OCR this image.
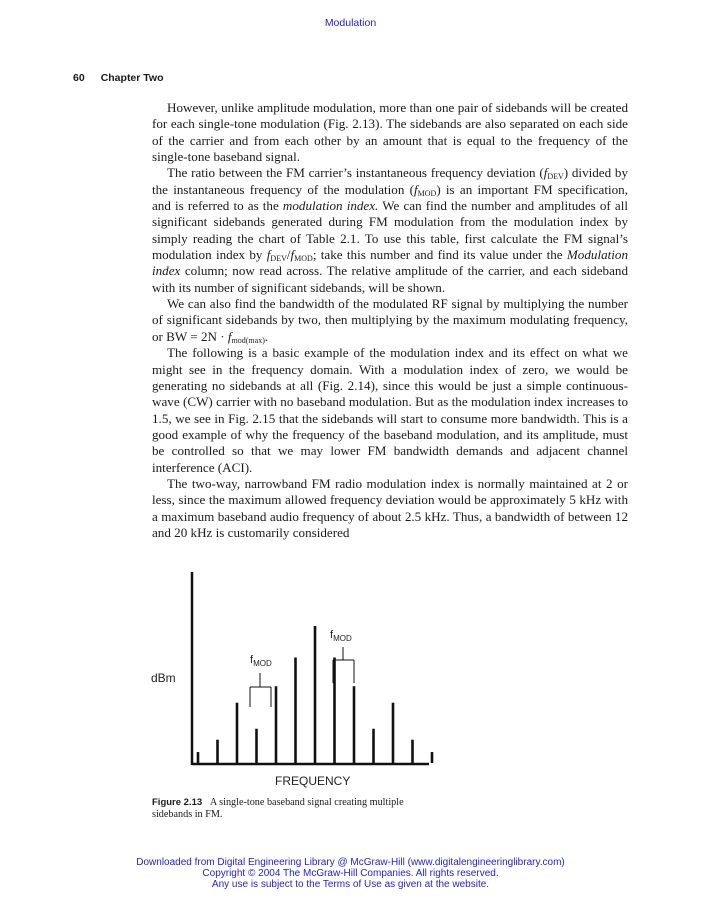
Modulation
60 Chapter Two

However, unlike amplitude modulation, more than one pair of sidebands will be created for each single-tone modulation (Fig. 2.13). The sidebands are also separated on each side of the carrier and from each other by an amount that is equal to the frequency of the single-tone baseband signal.

The ratio between the FM carrier’s instantaneous frequency deviation $(f_{DEV})$ divided by the instantaneous frequency of the modulation $(f_{MOD})$ is an important FM specification, and is referred to as the modulation index. We can find the number and amplitudes of all significant sidebands generated during FM modulation from the modulation index by simply reading the chart of Table 2.1. To use this table, first calculate the FM signal’s modulation index by $f_{DEV}/f_{MOD}$; take this number and find its value under the Modulation index column; now read across. The relative amplitude of the carrier, and each sideband with its number of significant sidebands, will be shown.

We can also find the bandwidth of the modulated RF signal by multiplying the number of significant sidebands by two, then multiplying by the maximum modulating frequency, or BW = $2N \cdot f_{mod(max)}$.

The following is a basic example of the modulation index and its effect on what we might see in the frequency domain. With a modulation index of zero, we would be generating no sidebands at all (Fig. 2.14), since this would be just a simple continuous-wave (CW) carrier with no baseband modulation. But as the modulation index increases to 1.5, we see in Fig. 2.15 that the sidebands will start to consume more bandwidth. This is a good example of why the frequency of the baseband modulation, and its amplitude, must be controlled so that we may lower FM bandwidth demands and adjacent channel interference (ACI).

The two-way, narrowband FM radio modulation index is normally maintained at 2 or less, since the maximum allowed frequency deviation would be approximately 5 kHz with a maximum baseband audio frequency of about 2.5 kHz. Thus, a bandwidth of between 12 and 20 kHz is customarily considered

dBm
FREQUENCY
$f_{MOD}$
$f_{MOD}$
Figure 2.13 A single-tone baseband signal creating multiple sidebands in FM.
Downloaded from Digital Engineering Library @ McGraw-Hill (www.digitalengineeringlibrary.com)
Copyright © 2004 The McGraw-Hill Companies. All rights reserved.
Any use is subject to the Terms of Use as given at the website.
